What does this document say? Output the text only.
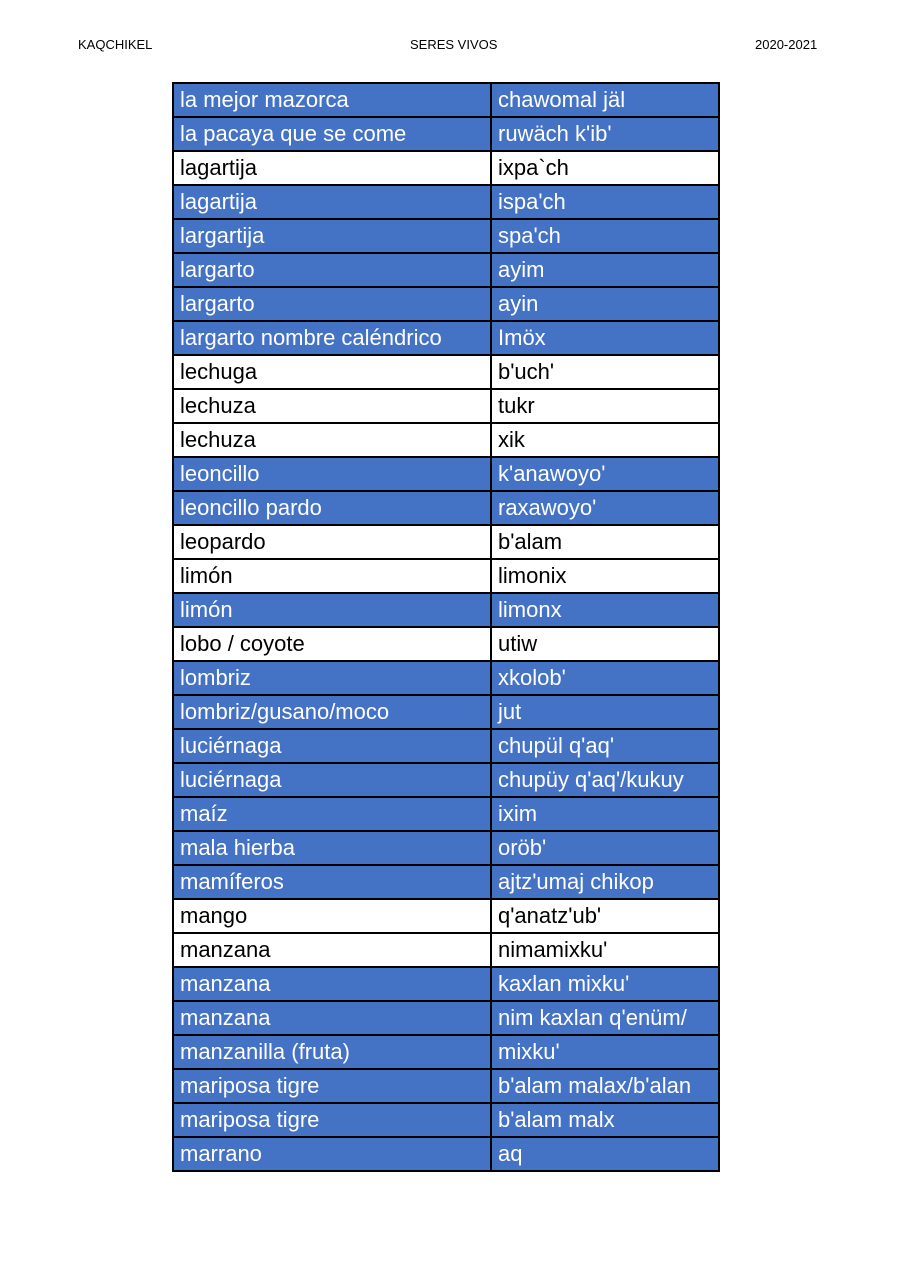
KAQCHIKEL	SERES VIVOS	2020-2021
la mejor mazorca	chawomal jäl
la pacaya que se come	ruwäch k'ib'
lagartija	ixpa`ch
lagartija	ispa'ch
largartija	spa'ch
largarto	ayim
largarto	ayin
largarto nombre caléndrico	Imöx
lechuga	b'uch'
lechuza	tukr
lechuza	xik
leoncillo	k'anawoyo'
leoncillo pardo	raxawoyo'
leopardo	b'alam
limón	limonix
limón	limonx
lobo / coyote	utiw
lombriz	xkolob'
lombriz/gusano/moco	jut
luciérnaga	chupül q'aq'
luciérnaga	chupüy q'aq'/kukuy
maíz	ixim
mala hierba	oröb'
mamíferos	ajtz'umaj chikop
mango	q'anatz'ub'
manzana	nimamixku'
manzana	kaxlan mixku'
manzana	nim kaxlan q'enüm/
manzanilla (fruta)	mixku'
mariposa tigre	b'alam malax/b'alan
mariposa tigre	b'alam malx
marrano	aq
